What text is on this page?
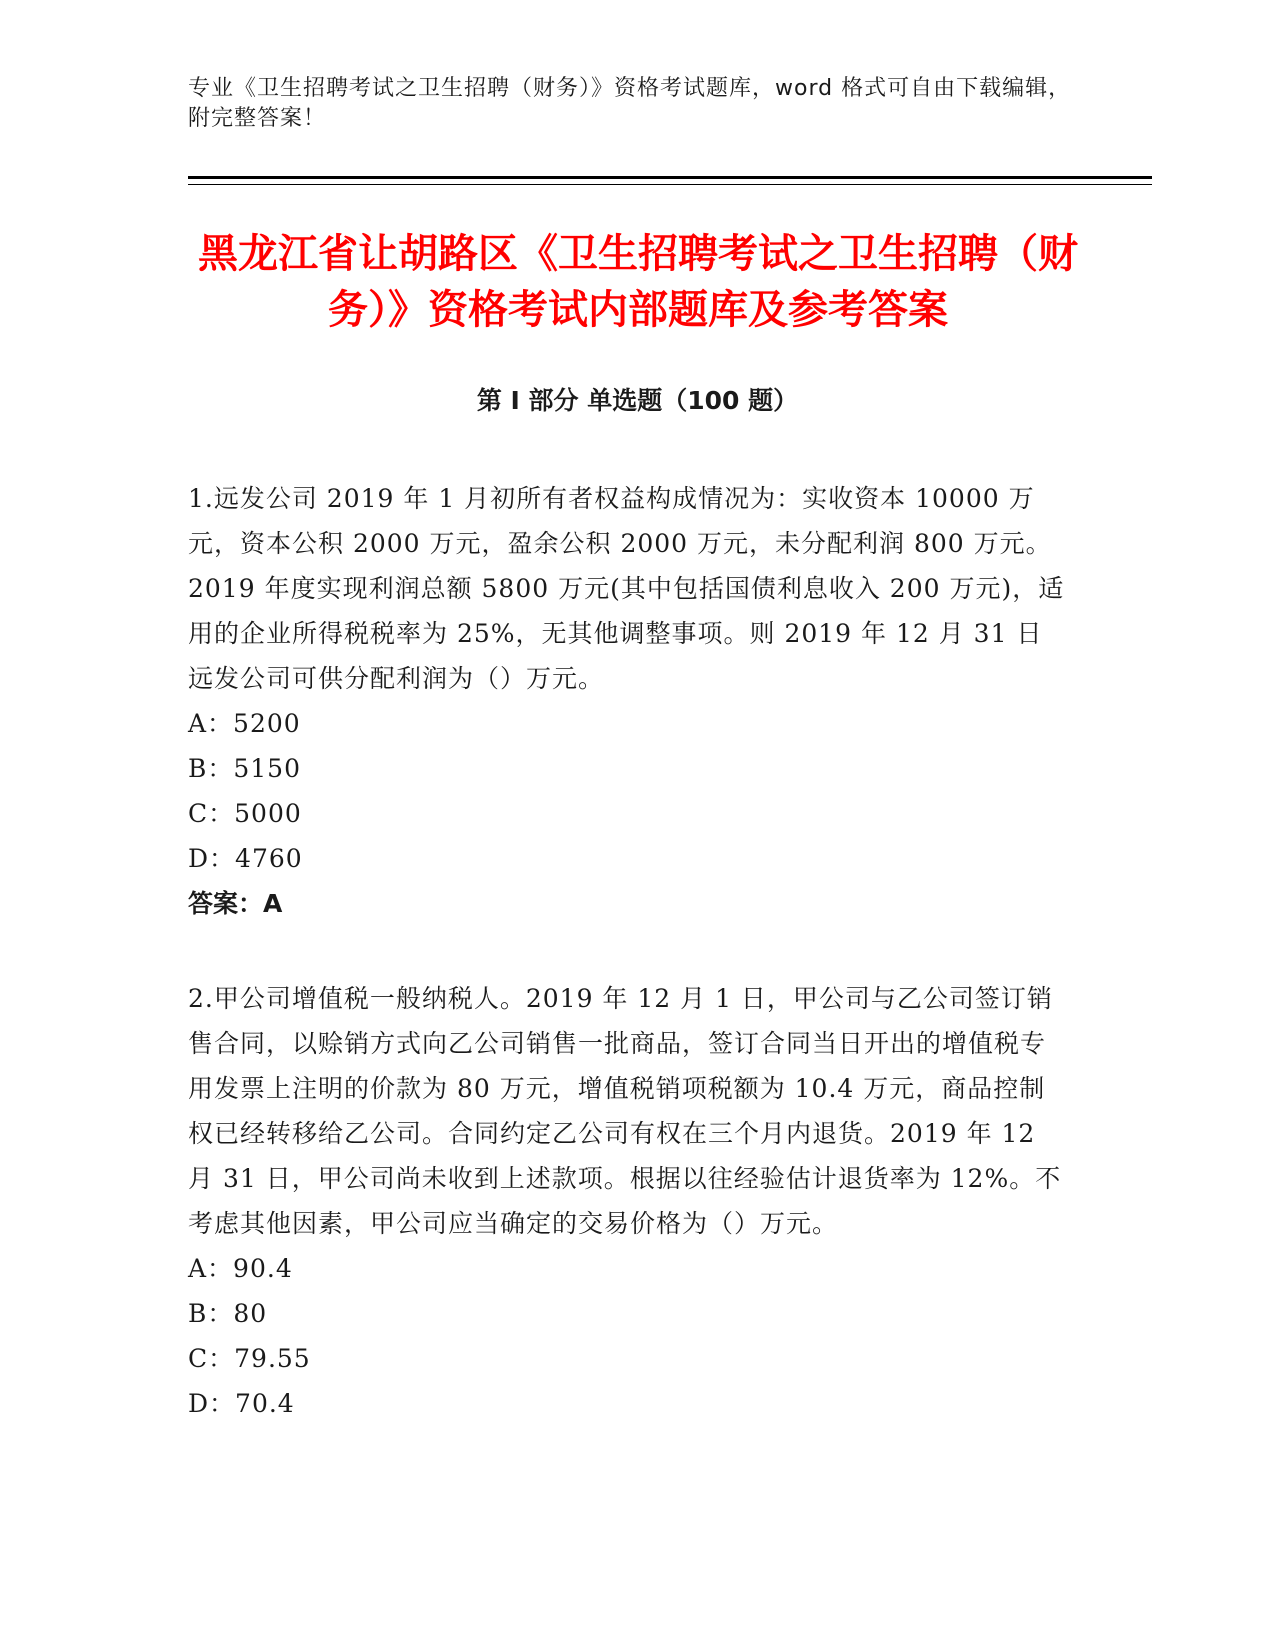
专业《卫生招聘考试之卫生招聘（财务）》资格考试题库，word 格式可自由下载编辑，附完整答案！
黑龙江省让胡路区《卫生招聘考试之卫生招聘（财务）》资格考试内部题库及参考答案
第 I 部分 单选题（100 题）

1.远发公司 2019 年 1 月初所有者权益构成情况为：实收资本 10000 万元，资本公积 2000 万元，盈余公积 2000 万元，未分配利润 800 万元。2019 年度实现利润总额 5800 万元(其中包括国债利息收入 200 万元)，适用的企业所得税税率为 25%，无其他调整事项。则 2019 年 12 月 31 日远发公司可供分配利润为（）万元。

A：5200
B：5150
C：5000
D：4760
答案：A

2.甲公司增值税一般纳税人。2019 年 12 月 1 日，甲公司与乙公司签订销售合同，以赊销方式向乙公司销售一批商品，签订合同当日开出的增值税专用发票上注明的价款为 80 万元，增值税销项税额为 10.4 万元，商品控制权已经转移给乙公司。合同约定乙公司有权在三个月内退货。2019 年 12 月 31 日，甲公司尚未收到上述款项。根据以往经验估计退货率为 12%。不考虑其他因素，甲公司应当确定的交易价格为（）万元。

A：90.4
B：80
C：79.55
D：70.4
